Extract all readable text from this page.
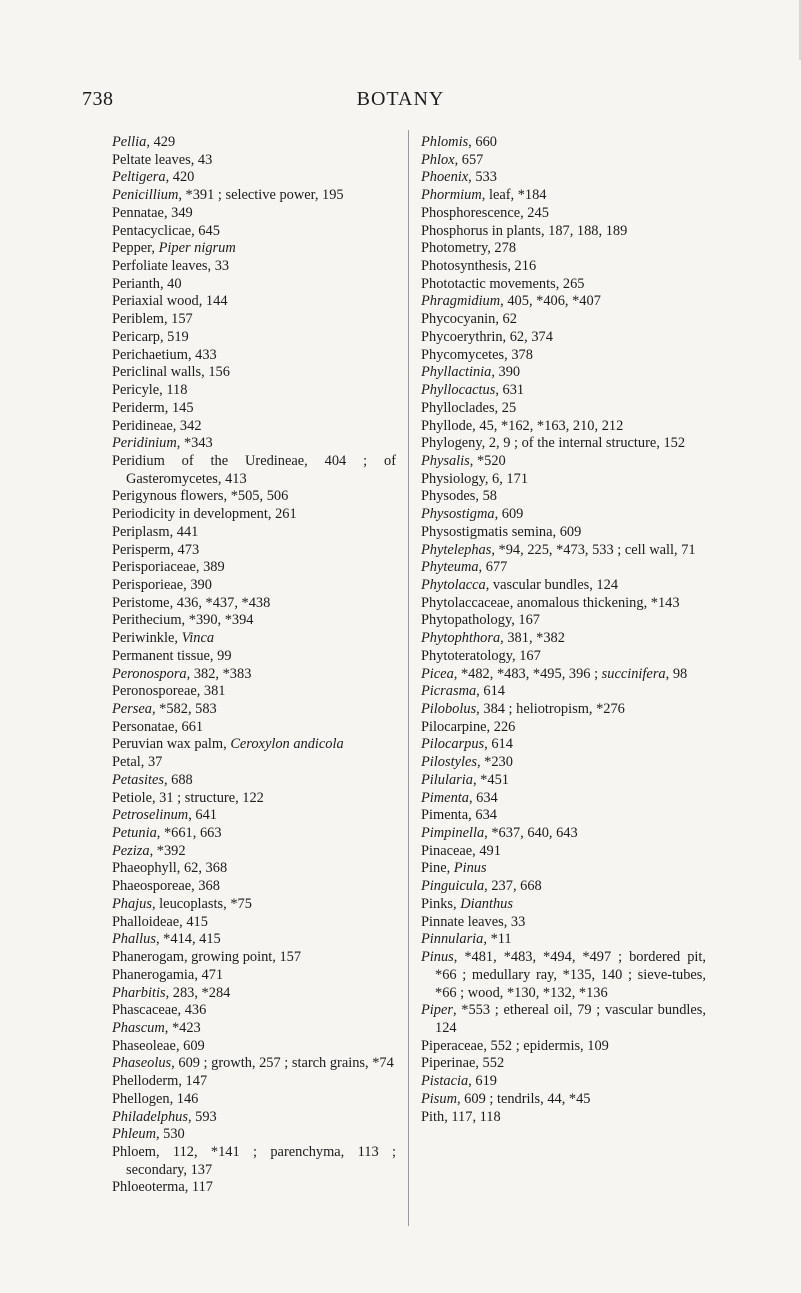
738	BOTANY

Pellia, 429

Peltate leaves, 43

Peltigera, 420

Penicillium, *391 ; selective power, 195

Pennatae, 349

Pentacyclicae, 645

Pepper, Piper nigrum

Perfoliate leaves, 33

Perianth, 40

Periaxial wood, 144

Periblem, 157

Pericarp, 519

Perichaetium, 433

Periclinal walls, 156

Pericyle, 118

Periderm, 145

Peridineae, 342

Peridinium, *343

Peridium of the Uredineae, 404 ; of Gasteromycetes, 413

Perigynous flowers, *505, 506

Periodicity in development, 261

Periplasm, 441

Perisperm, 473

Perisporiaceae, 389

Perisporieae, 390

Peristome, 436, *437, *438

Perithecium, *390, *394

Periwinkle, Vinca

Permanent tissue, 99

Peronospora, 382, *383

Peronosporeae, 381

Persea, *582, 583

Personatae, 661

Peruvian wax palm, Ceroxylon andicola

Petal, 37

Petasites, 688

Petiole, 31 ; structure, 122

Petroselinum, 641

Petunia, *661, 663

Peziza, *392

Phaeophyll, 62, 368

Phaeosporeae, 368

Phajus, leucoplasts, *75

Phalloideae, 415

Phallus, *414, 415

Phanerogam, growing point, 157

Phanerogamia, 471

Pharbitis, 283, *284

Phascaceae, 436

Phascum, *423

Phaseoleae, 609

Phaseolus, 609 ; growth, 257 ; starch grains, *74

Phelloderm, 147

Phellogen, 146

Philadelphus, 593

Phleum, 530

Phloem, 112, *141 ; parenchyma, 113 ; secondary, 137

Phloeoterma, 117

Phlomis, 660

Phlox, 657

Phoenix, 533

Phormium, leaf, *184

Phosphorescence, 245

Phosphorus in plants, 187, 188, 189

Photometry, 278

Photosynthesis, 216

Phototactic movements, 265

Phragmidium, 405, *406, *407

Phycocyanin, 62

Phycoerythrin, 62, 374

Phycomycetes, 378

Phyllactinia, 390

Phyllocactus, 631

Phylloclades, 25

Phyllode, 45, *162, *163, 210, 212

Phylogeny, 2, 9 ; of the internal structure, 152

Physalis, *520

Physiology, 6, 171

Physodes, 58

Physostigma, 609

Physostigmatis semina, 609

Phytelephas, *94, 225, *473, 533 ; cell wall, 71

Phyteuma, 677

Phytolacca, vascular bundles, 124

Phytolaccaceae, anomalous thickening, *143

Phytopathology, 167

Phytophthora, 381, *382

Phytoteratology, 167

Picea, *482, *483, *495, 396 ; succinifera, 98

Picrasma, 614

Pilobolus, 384 ; heliotropism, *276

Pilocarpine, 226

Pilocarpus, 614

Pilostyles, *230

Pilularia, *451

Pimenta, 634

Pimenta, 634

Pimpinella, *637, 640, 643

Pinaceae, 491

Pine, Pinus

Pinguicula, 237, 668

Pinks, Dianthus

Pinnate leaves, 33

Pinnularia, *11

Pinus, *481, *483, *494, *497 ; bordered pit, *66 ; medullary ray, *135, 140 ; sieve-tubes, *66 ; wood, *130, *132, *136

Piper, *553 ; ethereal oil, 79 ; vascular bundles, 124

Piperaceae, 552 ; epidermis, 109

Piperinae, 552

Pistacia, 619

Pisum, 609 ; tendrils, 44, *45

Pith, 117, 118
